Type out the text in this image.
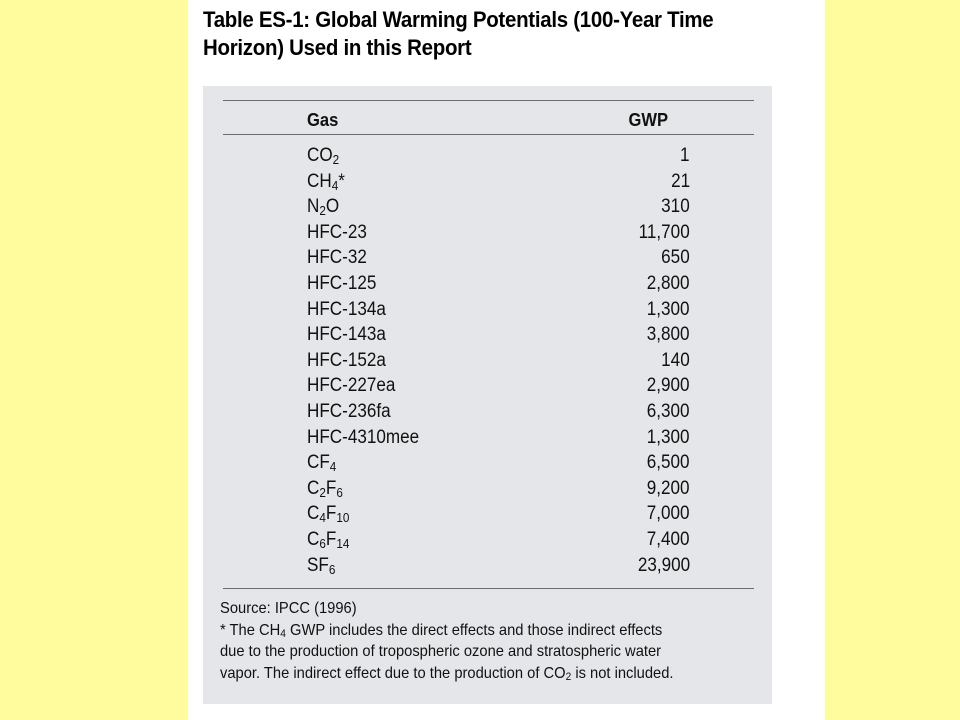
Table ES-1: Global Warming Potentials (100-Year Time
Horizon) Used in this Report
Gas	GWP
$CO_2$	1
$CH_4*$	21
$N_2O$	310
HFC-23	11,700
HFC-32	650
HFC-125	2,800
HFC-134a	1,300
HFC-143a	3,800
HFC-152a	140
HFC-227ea	2,900
HFC-236fa	6,300
HFC-4310mee	1,300
$CF_4$	6,500
$C_2F_6$	9,200
$C_4F_{10}$	7,000
$C_6F_{14}$	7,400
$SF_6$	23,900

Source: IPCC (1996)

* The $CH_4$ GWP includes the direct effects and those indirect effects
due to the production of tropospheric ozone and stratospheric water
vapor. The indirect effect due to the production of $CO_2$ is not included.
